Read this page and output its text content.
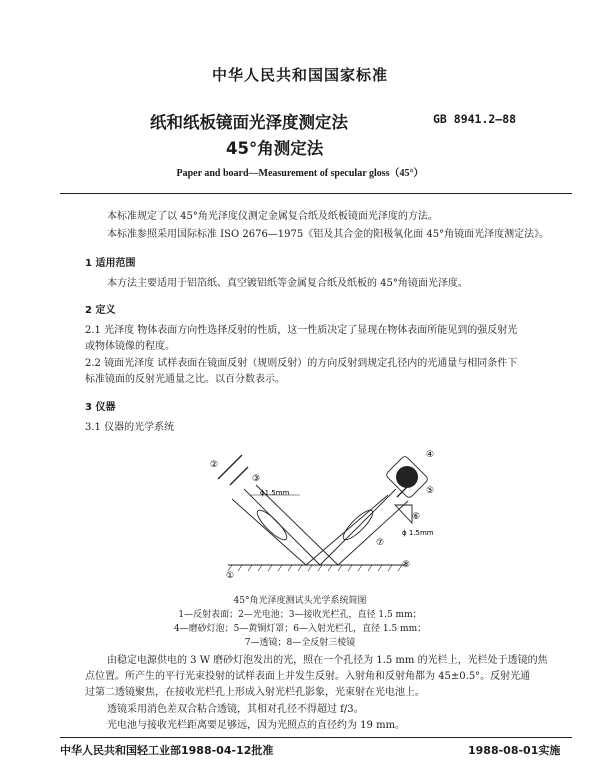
中华人民共和国国家标准
纸和纸板镜面光泽度测定法
45°角测定法
GB 8941.2—88
Paper and board—Measurement of specular gloss（45°）
本标准规定了以 45°角光泽度仪测定金属复合纸及纸板镜面光泽度的方法。
本标准参照采用国际标准 ISO 2676—1975《铝及其合金的阳极氧化面 45°角镜面光泽度测定法》。
1 适用范围
本方法主要适用于铝箔纸、真空镀铝纸等金属复合纸及纸板的 45°角镜面光泽度。
2 定义
2.1 光泽度 物体表面方向性选择反射的性质，这一性质决定了显现在物体表面所能见到的强反射光
或物体镜像的程度。
2.2 镜面光泽度 试样表面在镜面反射（规则反射）的方向反射到规定孔径内的光通量与相同条件下
标准镜面的反射光通量之比。以百分数表示。
3 仪器
3.1 仪器的光学系统
②
③
ϕ1.5mm
④
⑤
⑥
ϕ 1.5mm
⑦
⑧
①
45°角光泽度测试头光学系统简图
1—反射表面；2—光电池；3—接收光栏孔，直径 1.5 mm；
4—磨砂灯泡；5—黄铜灯罩；6—入射光栏孔，直径 1.5 mm；
7—透镜；8—全反射三棱镜
由稳定电源供电的 3 W 磨砂灯泡发出的光，照在一个孔径为 1.5 mm 的光栏上，光栏处于透镜的焦
点位置。所产生的平行光束投射的试样表面上并发生反射。入射角和反射角都为 45±0.5°。反射光通
过第二透镜聚焦，在接收光栏孔上形成入射光栏孔影象，光束射在光电池上。
透镜采用消色差双合粘合透镜，其相对孔径不得超过 f/3。
光电池与接收光栏距离要足够远，因为光照点的直径约为 19 mm。
中华人民共和国轻工业部1988-04-12批准	1988-08-01实施
